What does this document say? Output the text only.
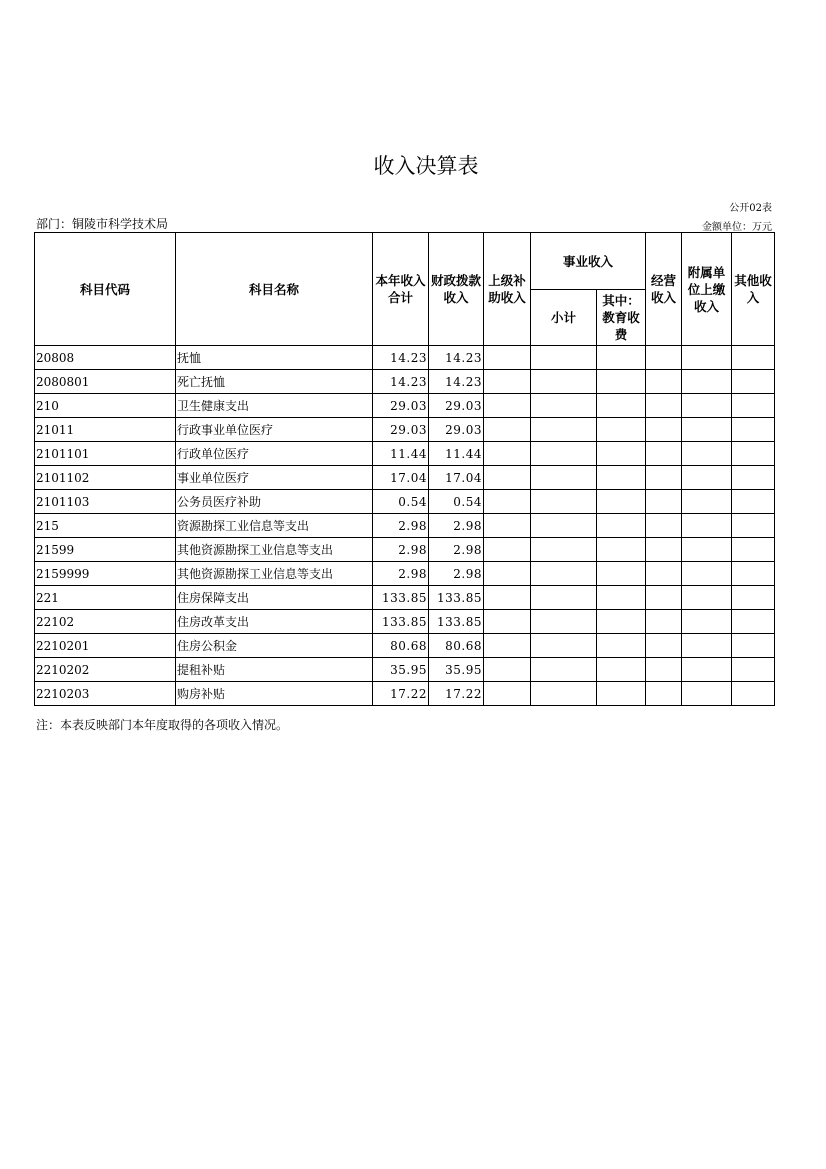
收入决算表
公开02表
部门：铜陵市科学技术局	金额单位：万元
科目代码	科目名称	本年收入合计	财政拨款收入	上级补助收入	事业收入		经营收入	附属单位上缴收入	其他收入
					小计	其中：教育收费			
20808	抚恤	14.23	14.23						
2080801	死亡抚恤	14.23	14.23						
210	卫生健康支出	29.03	29.03						
21011	行政事业单位医疗	29.03	29.03						
2101101	行政单位医疗	11.44	11.44						
2101102	事业单位医疗	17.04	17.04						
2101103	公务员医疗补助	0.54	0.54						
215	资源勘探工业信息等支出	2.98	2.98						
21599	其他资源勘探工业信息等支出	2.98	2.98						
2159999	其他资源勘探工业信息等支出	2.98	2.98						
221	住房保障支出	133.85	133.85						
22102	住房改革支出	133.85	133.85						
2210201	住房公积金	80.68	80.68						
2210202	提租补贴	35.95	35.95						
2210203	购房补贴	17.22	17.22						
注：本表反映部门本年度取得的各项收入情况。
